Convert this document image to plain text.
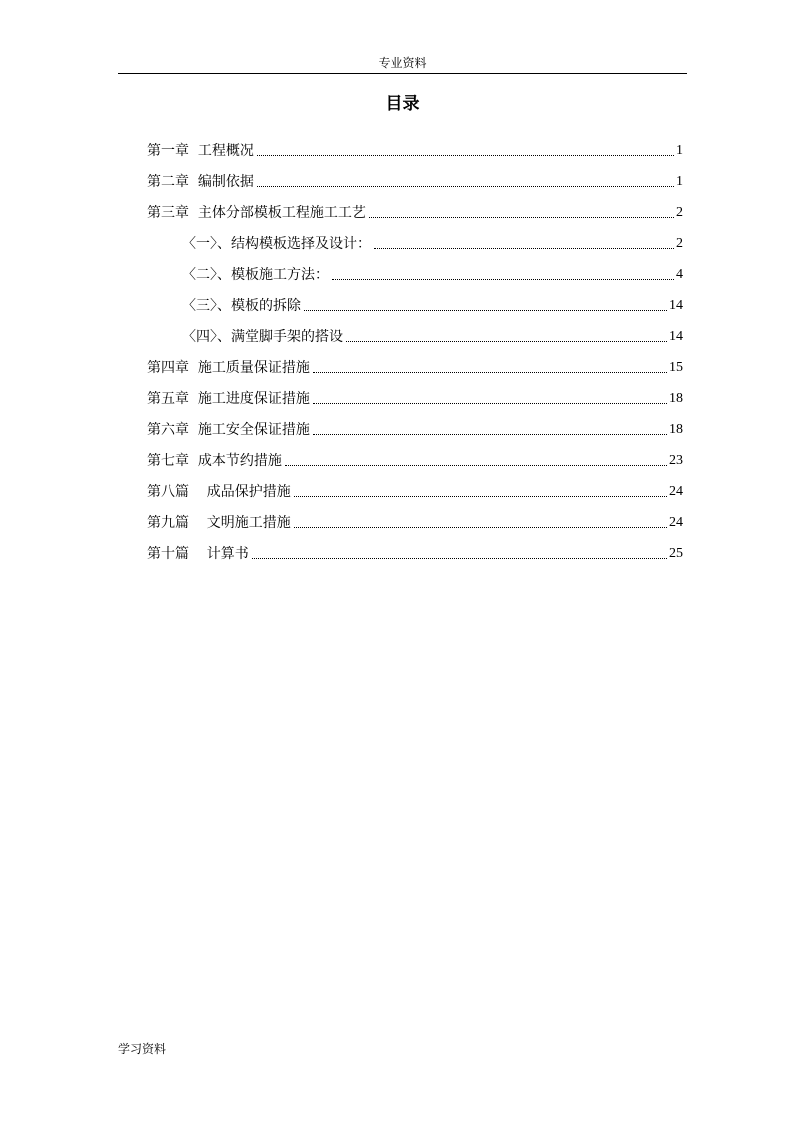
专业资料
目录
第一章  工程概况	1
第二章  编制依据	1
第三章  主体分部模板工程施工工艺	2
〈一〉、结构模板选择及设计：	2
〈二〉、模板施工方法：	4
〈三〉、模板的拆除	14
〈四〉、满堂脚手架的搭设	14
第四章  施工质量保证措施	15
第五章  施工进度保证措施	18
第六章  施工安全保证措施	18
第七章  成本节约措施	23
第八篇    成品保护措施	24
第九篇    文明施工措施	24
第十篇    计算书	25
学习资料
